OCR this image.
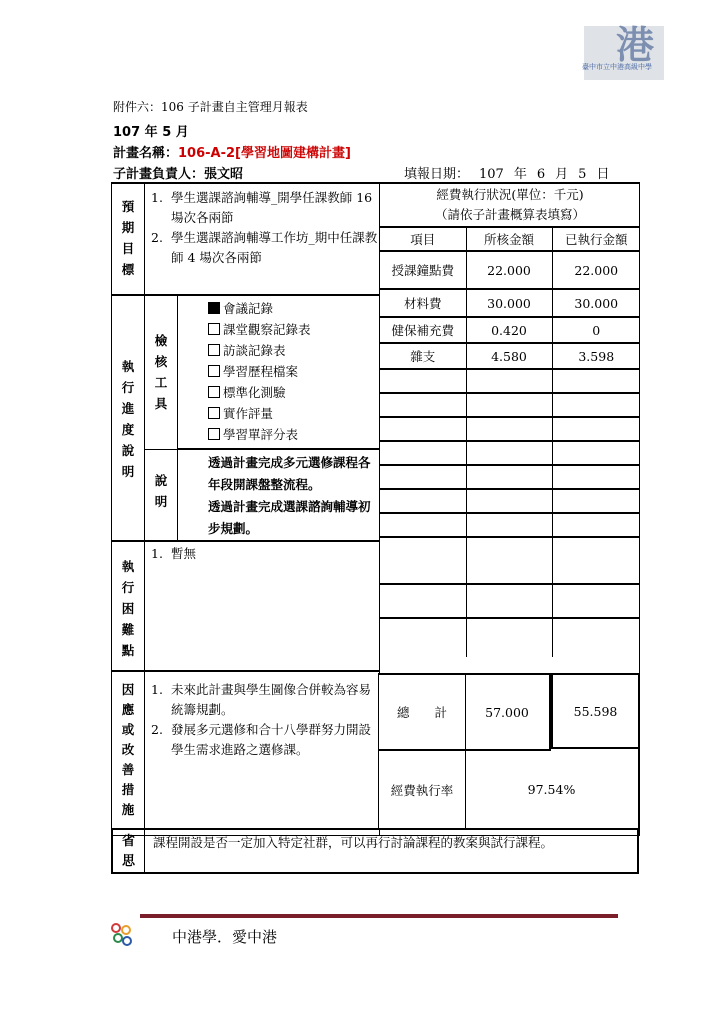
港
臺中市立中港高級中學
附件六：106 子計畫自主管理月報表
107 年 5 月
計畫名稱：106-A-2[學習地圖建構計畫]
子計畫負責人：張文昭	填報日期： 107 年 6 月 5 日
預
期
目
標

1. 學生選課諮詢輔導_開學任課教師 16 場次各兩節
2. 學生選課諮詢輔導工作坊_期中任課教師 4 場次各兩節

經費執行狀況(單位：千元)
（請依子計畫概算表填寫）

項目	所核金額	已執行金額
授課鐘點費	22.000	22.000
材料費	30.000	30.000
健保補充費	0.420	0
雜支	4.580	3.598

執
行
進
度
說
明

檢
核
工
具

會議記錄
課堂觀察記錄表
訪談記錄表
學習歷程檔案
標準化測驗
實作評量
學習單評分表

說
明

透過計畫完成多元選修課程各年段開課盤整流程。
透過計畫完成選課諮詢輔導初步規劃。

執
行
困
難
點

1. 暫無

因
應
或
改
善
措
施

1. 未來此計畫與學生圖像合併較為容易統籌規劃。
2. 發展多元選修和合十八學群努力開設學生需求進路之選修課。
總　　計	57.000	55.598
經費執行率	97.54%
省
思
課程開設是否一定加入特定社群，可以再行討論課程的教案與試行課程。
中港學．愛中港
